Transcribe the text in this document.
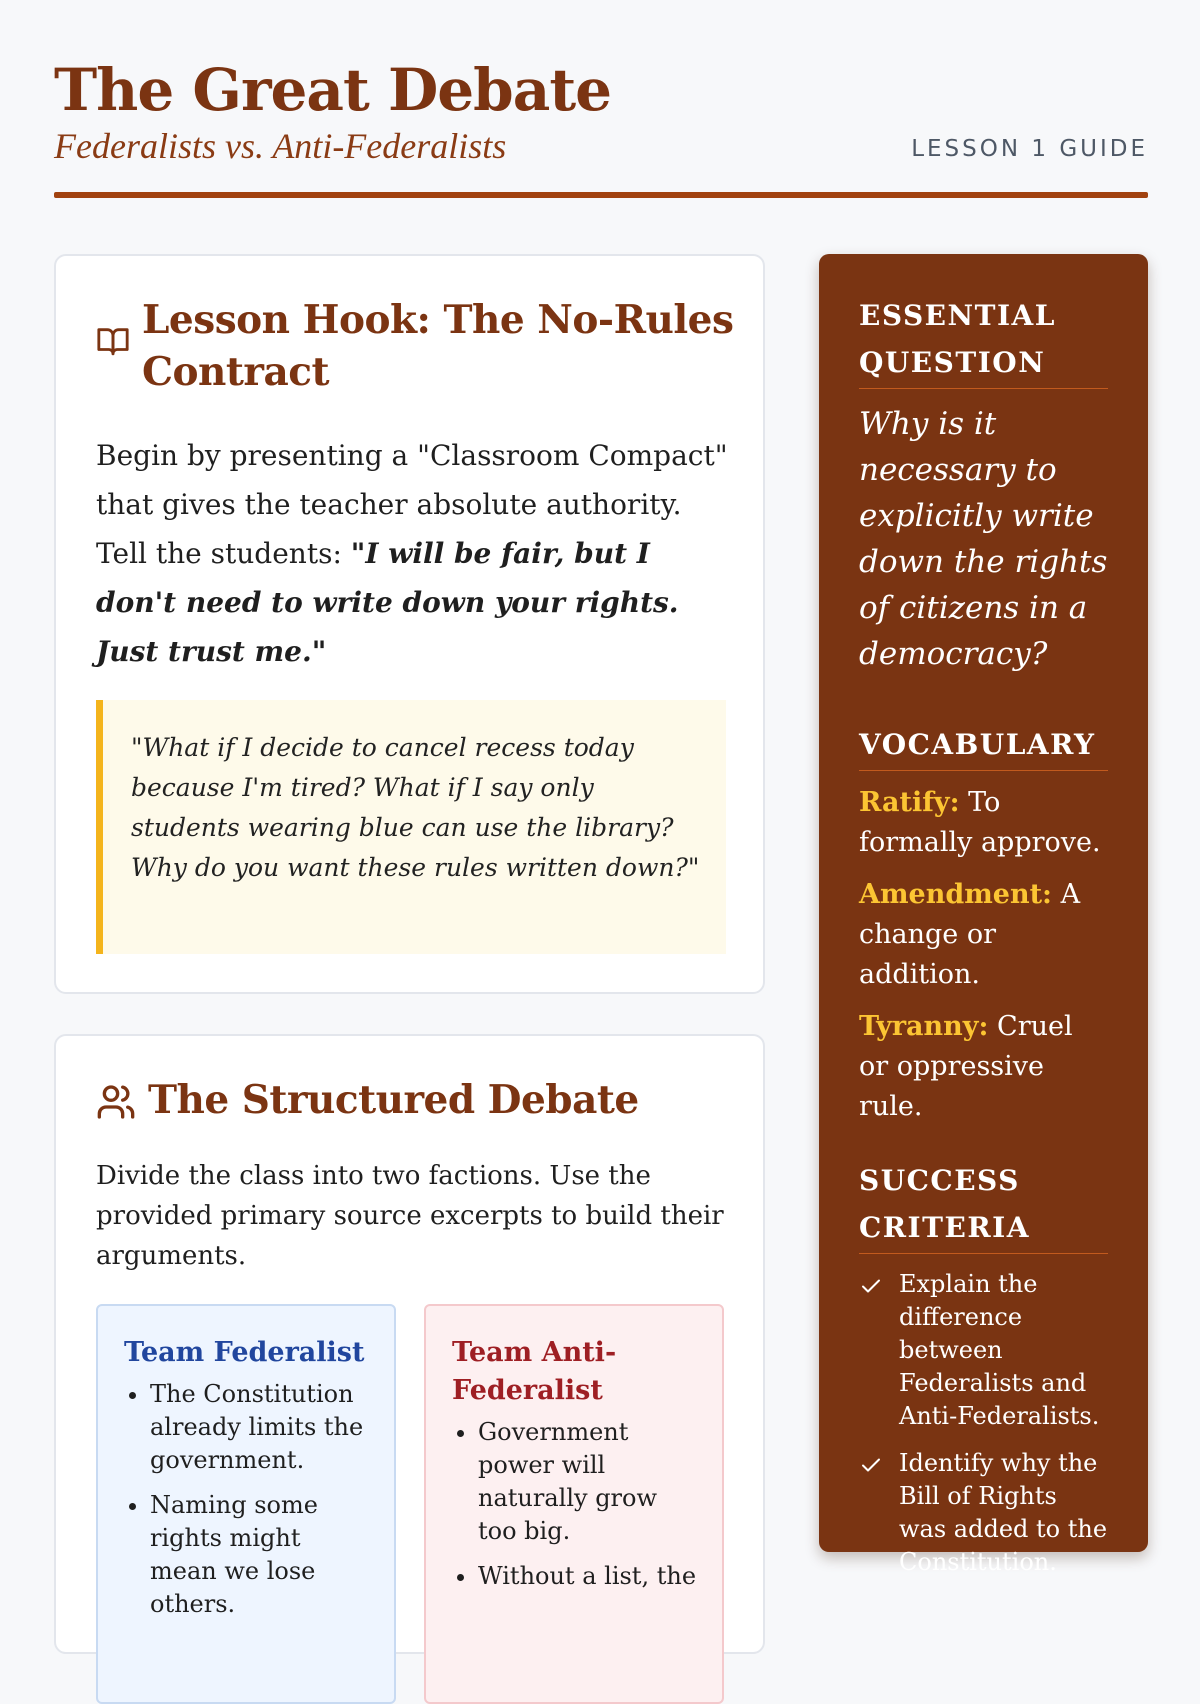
The Great Debate
Federalists vs. Anti-Federalists	LESSON 1 GUIDE
Lesson Hook: The No-Rules Contract

Begin by presenting a "Classroom Compact" that gives the teacher absolute authority. Tell the students: "I will be fair, but I don't need to write down your rights. Just trust me."

"What if I decide to cancel recess today because I'm tired? What if I say only students wearing blue can use the library? Why do you want these rules written down?"
The Structured Debate

Divide the class into two factions. Use the provided primary source excerpts to build their arguments.

Team Federalist
• The Constitution already limits the government.
• Naming some rights might mean we lose others.
Team Anti-Federalist
• Government power will naturally grow too big.
• Without a list, the
ESSENTIAL QUESTION

Why is it necessary to explicitly write down the rights of citizens in a democracy?

VOCABULARY

Ratify: To formally approve.

Amendment: A change or addition.

Tyranny: Cruel or oppressive rule.

SUCCESS CRITERIA
Explain the difference between Federalists and Anti-Federalists.
Identify why the Bill of Rights was added to the Constitution.
